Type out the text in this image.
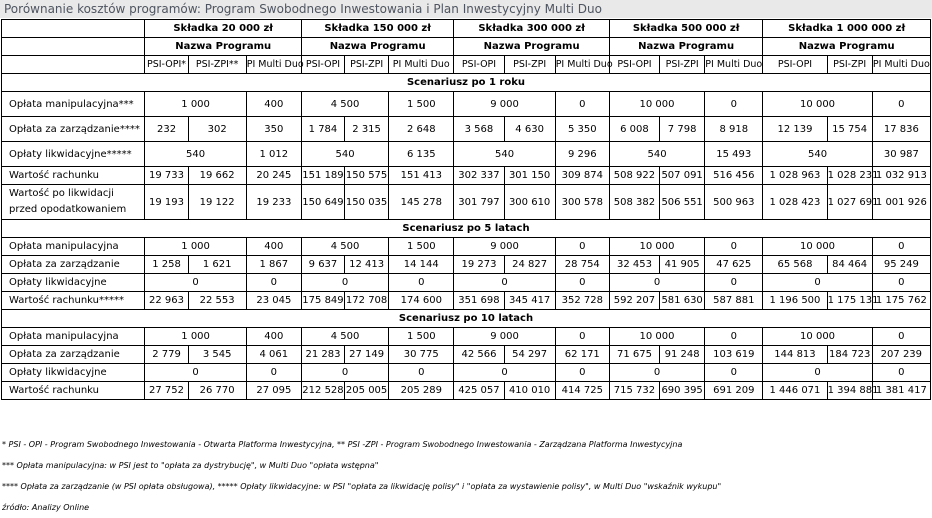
Porównanie kosztów programów: Program Swobodnego Inwestowania i Plan Inwestycyjny Multi Duo
	Składka 20 000 zł			Składka 150 000 zł			Składka 300 000 zł			Składka 500 000 zł			Składka 1 000 000 zł		
	Nazwa Programu			Nazwa Programu			Nazwa Programu			Nazwa Programu			Nazwa Programu		
	PSI-OPI*	PSI-ZPI**	PI Multi Duo	PSI-OPI	PSI-ZPI	PI Multi Duo	PSI-OPI	PSI-ZPI	PI Multi Duo	PSI-OPI	PSI-ZPI	PI Multi Duo	PSI-OPI	PSI-ZPI	PI Multi Duo
Scenariusz po 1 roku															
Opłata manipulacyjna***	1 000		400	4 500		1 500	9 000		0	10 000		0	10 000		0
Opłata za zarządzanie****	232	302	350	1 784	2 315	2 648	3 568	4 630	5 350	6 008	7 798	8 918	12 139	15 754	17 836
Opłaty likwidacyjne*****	540		1 012	540		6 135	540		9 296	540		15 493	540		30 987
Wartość rachunku	19 733	19 662	20 245	151 189	150 575	151 413	302 337	301 150	309 874	508 922	507 091	516 456	1 028 963	1 028 231	1 032 913
Wartość po likwidacji
przed opodatkowaniem	19 193	19 122	19 233	150 649	150 035	145 278	301 797	300 610	300 578	508 382	506 551	500 963	1 028 423	1 027 691	1 001 926
Scenariusz po 5 latach															
Opłata manipulacyjna	1 000		400	4 500		1 500	9 000		0	10 000		0	10 000		0
Opłata za zarządzanie	1 258	1 621	1 867	9 637	12 413	14 144	19 273	24 827	28 754	32 453	41 905	47 625	65 568	84 464	95 249
Opłaty likwidacyjne	0		0	0		0	0		0	0		0	0		0
Wartość rachunku*****	22 963	22 553	23 045	175 849	172 708	174 600	351 698	345 417	352 728	592 207	581 630	587 881	1 196 500	1 175 131	1 175 762
Scenariusz po 10 latach															
Opłata manipulacyjna	1 000		400	4 500		1 500	9 000		0	10 000		0	10 000		0
Opłata za zarządzanie	2 779	3 545	4 061	21 283	27 149	30 775	42 566	54 297	62 171	71 675	91 248	103 619	144 813	184 723	207 239
Opłaty likwidacyjne	0		0	0		0	0		0	0		0	0		0
Wartość rachunku	27 752	26 770	27 095	212 528	205 005	205 289	425 057	410 010	414 725	715 732	690 395	691 209	1 446 071	1 394 881	1 381 417
* PSI - OPI - Program Swobodnego Inwestowania - Otwarta Platforma Inwestycyjna, ** PSI -ZPI - Program Swobodnego Inwestowania - Zarządzana Platforma Inwestycyjna
*** Opłata manipulacyjna: w PSI jest to "opłata za dystrybucję", w Multi Duo "opłata wstępna"
**** Opłata za zarządzanie (w PSI opłata obsługowa), ***** Opłaty likwidacyjne: w PSI "opłata za likwidację polisy" i "opłata za wystawienie polisy", w Multi Duo "wskaźnik wykupu"
źródło: Analizy Online
